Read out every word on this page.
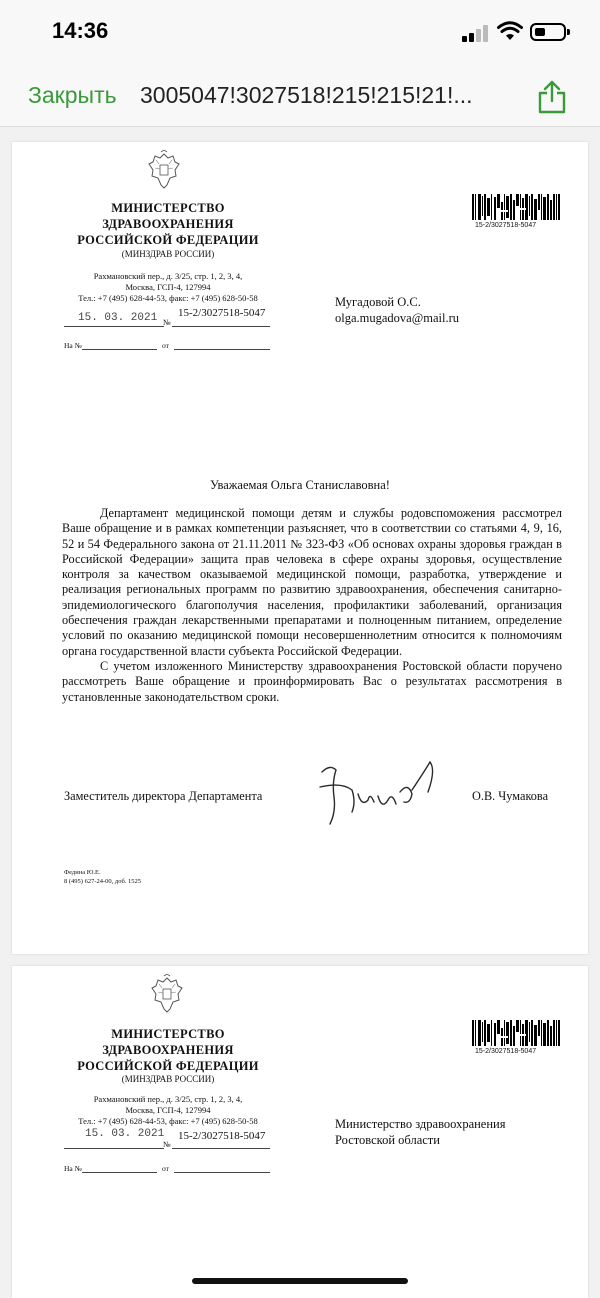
14:36
Закрыть 3005047!3027518!215!215!21!...
МИНИСТЕРСТВО
ЗДРАВООХРАНЕНИЯ
РОССИЙСКОЙ ФЕДЕРАЦИИ
(МИНЗДРАВ РОССИИ)
Рахмановский пер., д. 3/25, стр. 1, 2, 3, 4,
Москва, ГСП-4, 127994
Тел.: +7 (495) 628-44-53, факс: +7 (495) 628-50-58
15. 03. 2021 №
15-2/3027518-5047
На №	от
15-2/3027518-5047
Мугадовой О.С.
olga.mugadova@mail.ru
Уважаемая Ольга Станиславовна!

Департамент медицинской помощи детям и службы родовспоможения рассмотрел Ваше обращение и в рамках компетенции разъясняет, что в соответствии со статьями 4, 9, 16, 52 и 54 Федерального закона от 21.11.2011 № 323-ФЗ «Об основах охраны здоровья граждан в Российской Федерации» защита прав человека в сфере охраны здоровья, осуществление контроля за качеством оказываемой медицинской помощи, разработка, утверждение и реализация региональных программ по развитию здравоохранения, обеспечения санитарно-эпидемиологического благополучия населения, профилактики заболеваний, организация обеспечения граждан лекарственными препаратами и полноценным питанием, определение условий по оказанию медицинской помощи несовершеннолетним относится к полномочиям органа государственной власти субъекта Российской Федерации.

С учетом изложенного Министерству здравоохранения Ростовской области поручено рассмотреть Ваше обращение и проинформировать Вас о результатах рассмотрения в установленные законодательством сроки.

Заместитель директора Департамента	О.В. Чумакова
Федина Ю.Е.
8 (495) 627-24-00, доб. 1525
МИНИСТЕРСТВО
ЗДРАВООХРАНЕНИЯ
РОССИЙСКОЙ ФЕДЕРАЦИИ
(МИНЗДРАВ РОССИИ)
Рахмановский пер., д. 3/25, стр. 1, 2, 3, 4,
Москва, ГСП-4, 127994
Тел.: +7 (495) 628-44-53, факс: +7 (495) 628-50-58
15. 03. 2021
№
15-2/3027518-5047
На №	от
15-2/3027518-5047
Министерство здравоохранения
Ростовской области
